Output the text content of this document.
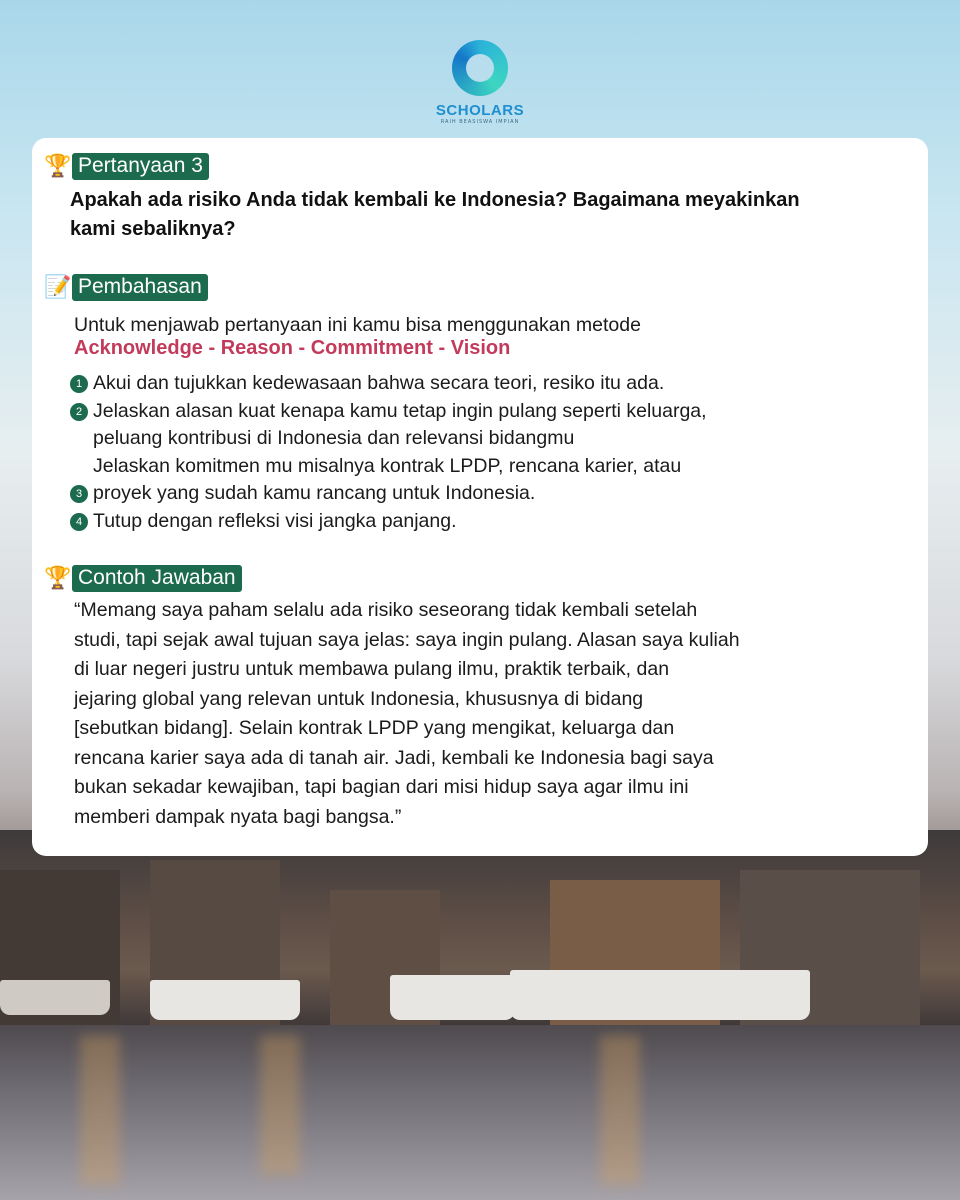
SCHOLARS
RAIH BEASISWA IMPIAN
🏆 Pertanyaan 3
Apakah ada risiko Anda tidak kembali ke Indonesia? Bagaimana meyakinkan kami sebaliknya?
📝 Pembahasan
Untuk menjawab pertanyaan ini kamu bisa menggunakan metode
Acknowledge - Reason - Commitment - Vision
1 Akui dan tujukkan kedewasaan bahwa secara teori, resiko itu ada.
2 Jelaskan alasan kuat kenapa kamu tetap ingin pulang seperti keluarga,
peluang kontribusi di Indonesia dan relevansi bidangmu
Jelaskan komitmen mu misalnya kontrak LPDP, rencana karier, atau
3 proyek yang sudah kamu rancang untuk Indonesia.
4 Tutup dengan refleksi visi jangka panjang.
🏆 Contoh Jawaban
“Memang saya paham selalu ada risiko seseorang tidak kembali setelah
studi, tapi sejak awal tujuan saya jelas: saya ingin pulang. Alasan saya kuliah
di luar negeri justru untuk membawa pulang ilmu, praktik terbaik, dan
jejaring global yang relevan untuk Indonesia, khususnya di bidang
[sebutkan bidang]. Selain kontrak LPDP yang mengikat, keluarga dan
rencana karier saya ada di tanah air. Jadi, kembali ke Indonesia bagi saya
bukan sekadar kewajiban, tapi bagian dari misi hidup saya agar ilmu ini
memberi dampak nyata bagi bangsa.”
